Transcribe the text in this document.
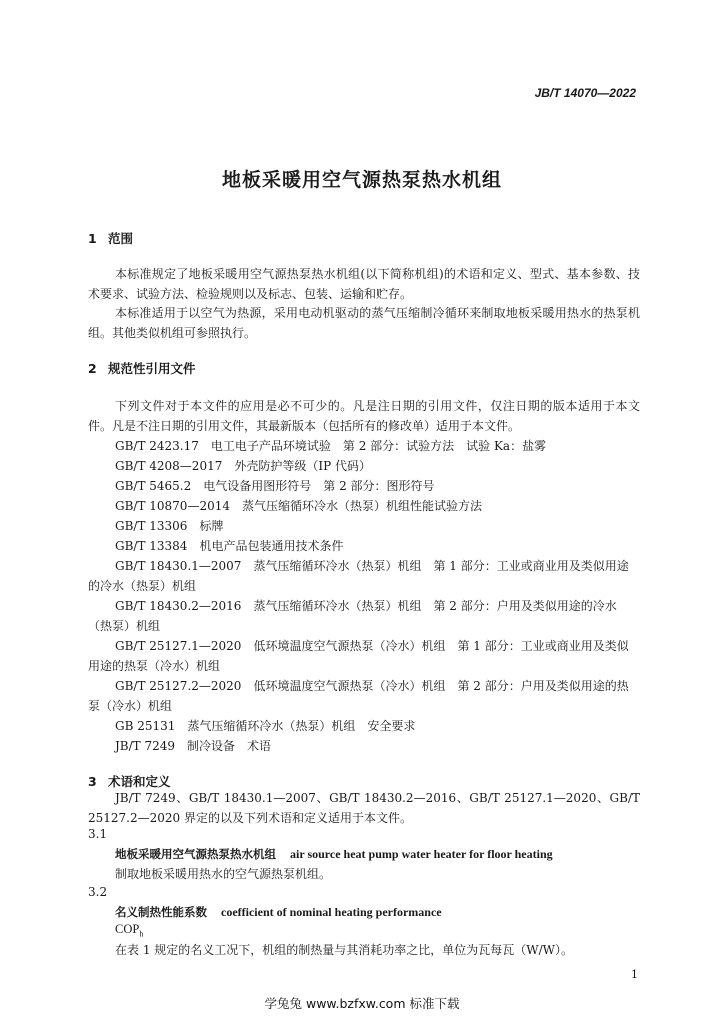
JB/T 14070—2022
地板采暖用空气源热泵热水机组
1 范围
本标准规定了地板采暖用空气源热泵热水机组(以下简称机组)的术语和定义、型式、基本参数、技术要求、试验方法、检验规则以及标志、包装、运输和贮存。
本标准适用于以空气为热源，采用电动机驱动的蒸气压缩制冷循环来制取地板采暖用热水的热泵机组。其他类似机组可参照执行。
2 规范性引用文件
下列文件对于本文件的应用是必不可少的。凡是注日期的引用文件，仅注日期的版本适用于本文件。凡是不注日期的引用文件，其最新版本（包括所有的修改单）适用于本文件。
GB/T 2423.17 电工电子产品环境试验　第 2 部分：试验方法　试验 Ka：盐雾
GB/T 4208—2017 外壳防护等级（IP 代码）
GB/T 5465.2 电气设备用图形符号　第 2 部分：图形符号
GB/T 10870—2014 蒸气压缩循环冷水（热泵）机组性能试验方法
GB/T 13306 标牌
GB/T 13384 机电产品包装通用技术条件
GB/T 18430.1—2007 蒸气压缩循环冷水（热泵）机组　第 1 部分：工业或商业用及类似用途的冷水（热泵）机组
GB/T 18430.2—2016 蒸气压缩循环冷水（热泵）机组　第 2 部分：户用及类似用途的冷水（热泵）机组
GB/T 25127.1—2020 低环境温度空气源热泵（冷水）机组　第 1 部分：工业或商业用及类似用途的热泵（冷水）机组
GB/T 25127.2—2020 低环境温度空气源热泵（冷水）机组　第 2 部分：户用及类似用途的热泵（冷水）机组
GB 25131 蒸气压缩循环冷水（热泵）机组　安全要求
JB/T 7249 制冷设备　术语
3 术语和定义
JB/T 7249、GB/T 18430.1—2007、GB/T 18430.2—2016、GB/T 25127.1—2020、GB/T 25127.2—2020 界定的以及下列术语和定义适用于本文件。
3.1
地板采暖用空气源热泵热水机组 air source heat pump water heater for floor heating
制取地板采暖用热水的空气源热泵机组。
3.2
名义制热性能系数 coefficient of nominal heating performance
$COP_h$
在表 1 规定的名义工况下，机组的制热量与其消耗功率之比，单位为瓦每瓦（W/W）。
1
学兔兔 www.bzfxw.com 标准下载
